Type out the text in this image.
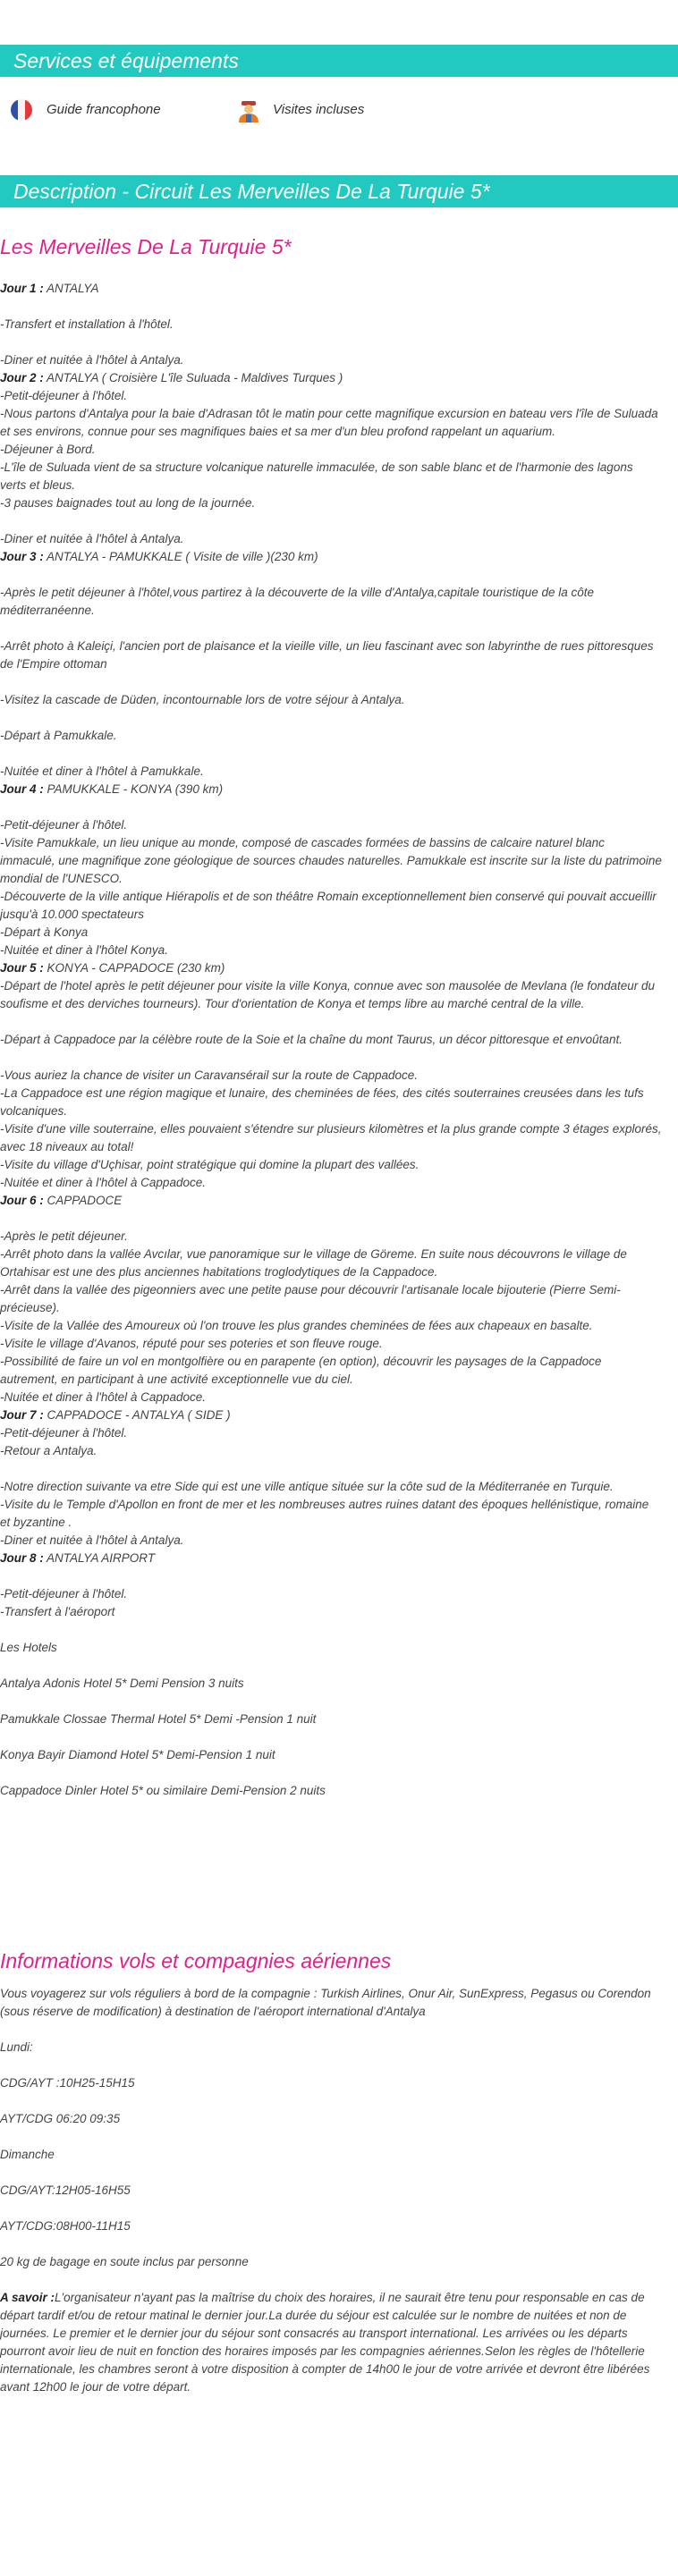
Services et équipements
Guide francophone	Visites incluses
Description - Circuit Les Merveilles De La Turquie 5*
Les Merveilles De La Turquie 5*

Jour 1 : ANTALYA

-Transfert et installation à l'hôtel.

-Diner et nuitée à l'hôtel à Antalya.
Jour 2 : ANTALYA ( Croisière L'île Suluada - Maldives Turques )
-Petit-déjeuner à l'hôtel.
-Nous partons d'Antalya pour la baie d'Adrasan tôt le matin pour cette magnifique excursion en bateau vers l'île de Suluada et ses environs, connue pour ses magnifiques baies et sa mer d'un bleu profond rappelant un aquarium.
-Déjeuner à Bord.
-L'île de Suluada vient de sa structure volcanique naturelle immaculée, de son sable blanc et de l'harmonie des lagons verts et bleus.
-3 pauses baignades tout au long de la journée.

-Diner et nuitée à l'hôtel à Antalya.
Jour 3 : ANTALYA - PAMUKKALE ( Visite de ville )(230 km)

-Après le petit déjeuner à l'hôtel,vous partirez à la découverte de la ville d'Antalya,capitale touristique de la côte méditerranéenne.

-Arrêt photo à Kaleiçi, l'ancien port de plaisance et la vieille ville, un lieu fascinant avec son labyrinthe de rues pittoresques de l'Empire ottoman

-Visitez la cascade de Düden, incontournable lors de votre séjour à Antalya.

-Départ à Pamukkale.

-Nuitée et diner à l'hôtel à Pamukkale.
Jour 4 : PAMUKKALE - KONYA (390 km)

-Petit-déjeuner à l'hôtel.
-Visite Pamukkale, un lieu unique au monde, composé de cascades formées de bassins de calcaire naturel blanc immaculé, une magnifique zone géologique de sources chaudes naturelles. Pamukkale est inscrite sur la liste du patrimoine mondial de l'UNESCO.
-Découverte de la ville antique Hiérapolis et de son théâtre Romain exceptionnellement bien conservé qui pouvait accueillir jusqu'à 10.000 spectateurs
-Départ à Konya
-Nuitée et diner à l'hôtel Konya.
Jour 5 : KONYA - CAPPADOCE (230 km)
-Départ de l'hotel après le petit déjeuner pour visite la ville Konya, connue avec son mausolée de Mevlana (le fondateur du soufisme et des derviches tourneurs). Tour d'orientation de Konya et temps libre au marché central de la ville.

-Départ à Cappadoce par la célèbre route de la Soie et la chaîne du mont Taurus, un décor pittoresque et envoûtant.

-Vous auriez la chance de visiter un Caravansérail sur la route de Cappadoce.
-La Cappadoce est une région magique et lunaire, des cheminées de fées, des cités souterraines creusées dans les tufs volcaniques.
-Visite d'une ville souterraine, elles pouvaient s'étendre sur plusieurs kilomètres et la plus grande compte 3 étages explorés, avec 18 niveaux au total!
-Visite du village d'Uçhisar, point stratégique qui domine la plupart des vallées.
-Nuitée et diner à l'hôtel à Cappadoce.
Jour 6 : CAPPADOCE

-Après le petit déjeuner.
-Arrêt photo dans la vallée Avcılar, vue panoramique sur le village de Göreme. En suite nous découvrons le village de Ortahisar est une des plus anciennes habitations troglodytiques de la Cappadoce.
-Arrêt dans la vallée des pigeonniers avec une petite pause pour découvrir l'artisanale locale bijouterie (Pierre Semi-précieuse).
-Visite de la Vallée des Amoureux où l'on trouve les plus grandes cheminées de fées aux chapeaux en basalte.
-Visite le village d'Avanos, réputé pour ses poteries et son fleuve rouge.
-Possibilité de faire un vol en montgolfière ou en parapente (en option), découvrir les paysages de la Cappadoce autrement, en participant à une activité exceptionnelle vue du ciel.
-Nuitée et diner à l'hôtel à Cappadoce.
Jour 7 : CAPPADOCE - ANTALYA ( SIDE )
-Petit-déjeuner à l'hôtel.
-Retour a Antalya.

-Notre direction suivante va etre Side qui est une ville antique située sur la côte sud de la Méditerranée en Turquie.
-Visite du le Temple d'Apollon en front de mer et les nombreuses autres ruines datant des époques hellénistique, romaine et byzantine .
-Diner et nuitée à l'hôtel à Antalya.
Jour 8 : ANTALYA AIRPORT

-Petit-déjeuner à l'hôtel.
-Transfert à l'aéroport

Les Hotels

Antalya Adonis Hotel 5* Demi Pension 3 nuits

Pamukkale Clossae Thermal Hotel 5* Demi -Pension 1 nuit

Konya Bayir Diamond Hotel 5* Demi-Pension 1 nuit

Cappadoce Dinler Hotel 5* ou similaire Demi-Pension 2 nuits

Informations vols et compagnies aériennes

Vous voyagerez sur vols réguliers à bord de la compagnie : Turkish Airlines, Onur Air, SunExpress, Pegasus ou Corendon (sous réserve de modification) à destination de l'aéroport international d'Antalya

Lundi:

CDG/AYT :10H25-15H15

AYT/CDG 06:20 09:35

Dimanche

CDG/AYT:12H05-16H55

AYT/CDG:08H00-11H15

20 kg de bagage en soute inclus par personne

A savoir :L'organisateur n'ayant pas la maîtrise du choix des horaires, il ne saurait être tenu pour responsable en cas de départ tardif et/ou de retour matinal le dernier jour.La durée du séjour est calculée sur le nombre de nuitées et non de journées. Le premier et le dernier jour du séjour sont consacrés au transport international. Les arrivées ou les départs pourront avoir lieu de nuit en fonction des horaires imposés par les compagnies aériennes.Selon les règles de l'hôtellerie internationale, les chambres seront à votre disposition à compter de 14h00 le jour de votre arrivée et devront être libérées avant 12h00 le jour de votre départ.
